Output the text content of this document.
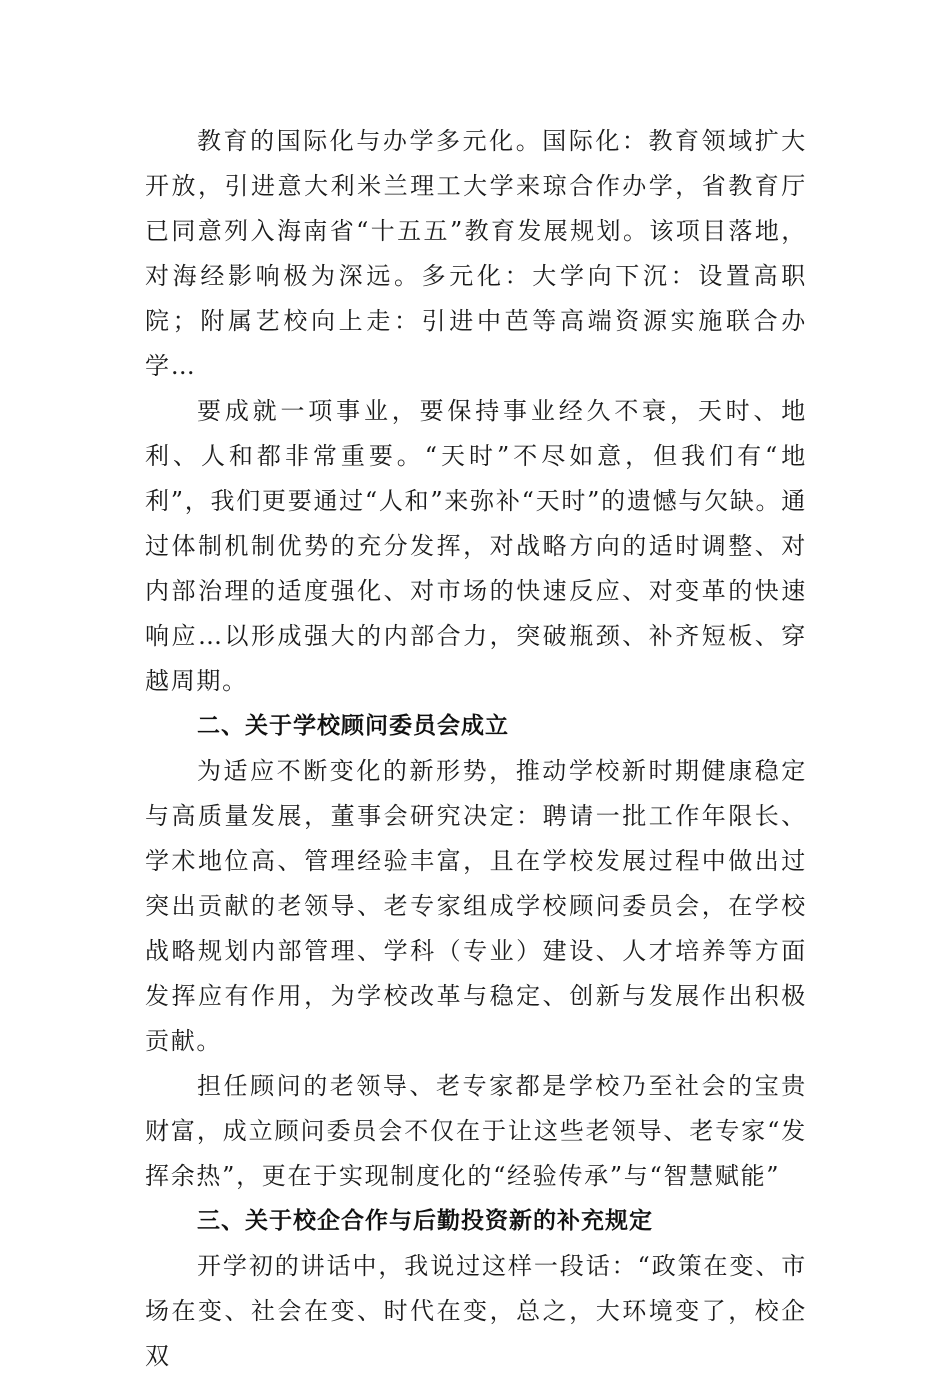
教育的国际化与办学多元化。国际化：教育领域扩大开放，引进意大利米兰理工大学来琼合作办学，省教育厅已同意列入海南省“十五五”教育发展规划。该项目落地，对海经影响极为深远。多元化：大学向下沉：设置高职院；附属艺校向上走：引进中芭等高端资源实施联合办学…

要成就一项事业，要保持事业经久不衰，天时、地利、人和都非常重要。“天时”不尽如意，但我们有“地利”，我们更要通过“人和”来弥补“天时”的遗憾与欠缺。通过体制机制优势的充分发挥，对战略方向的适时调整、对内部治理的适度强化、对市场的快速反应、对变革的快速响应…以形成强大的内部合力，突破瓶颈、补齐短板、穿越周期。

二、关于学校顾问委员会成立

为适应不断变化的新形势，推动学校新时期健康稳定与高质量发展，董事会研究决定：聘请一批工作年限长、学术地位高、管理经验丰富，且在学校发展过程中做出过突出贡献的老领导、老专家组成学校顾问委员会，在学校战略规划内部管理、学科（专业）建设、人才培养等方面发挥应有作用，为学校改革与稳定、创新与发展作出积极贡献。

担任顾问的老领导、老专家都是学校乃至社会的宝贵财富，成立顾问委员会不仅在于让这些老领导、老专家“发挥余热”，更在于实现制度化的“经验传承”与“智慧赋能”

三、关于校企合作与后勤投资新的补充规定

开学初的讲话中，我说过这样一段话：“政策在变、市场在变、社会在变、时代在变，总之，大环境变了，校企双
